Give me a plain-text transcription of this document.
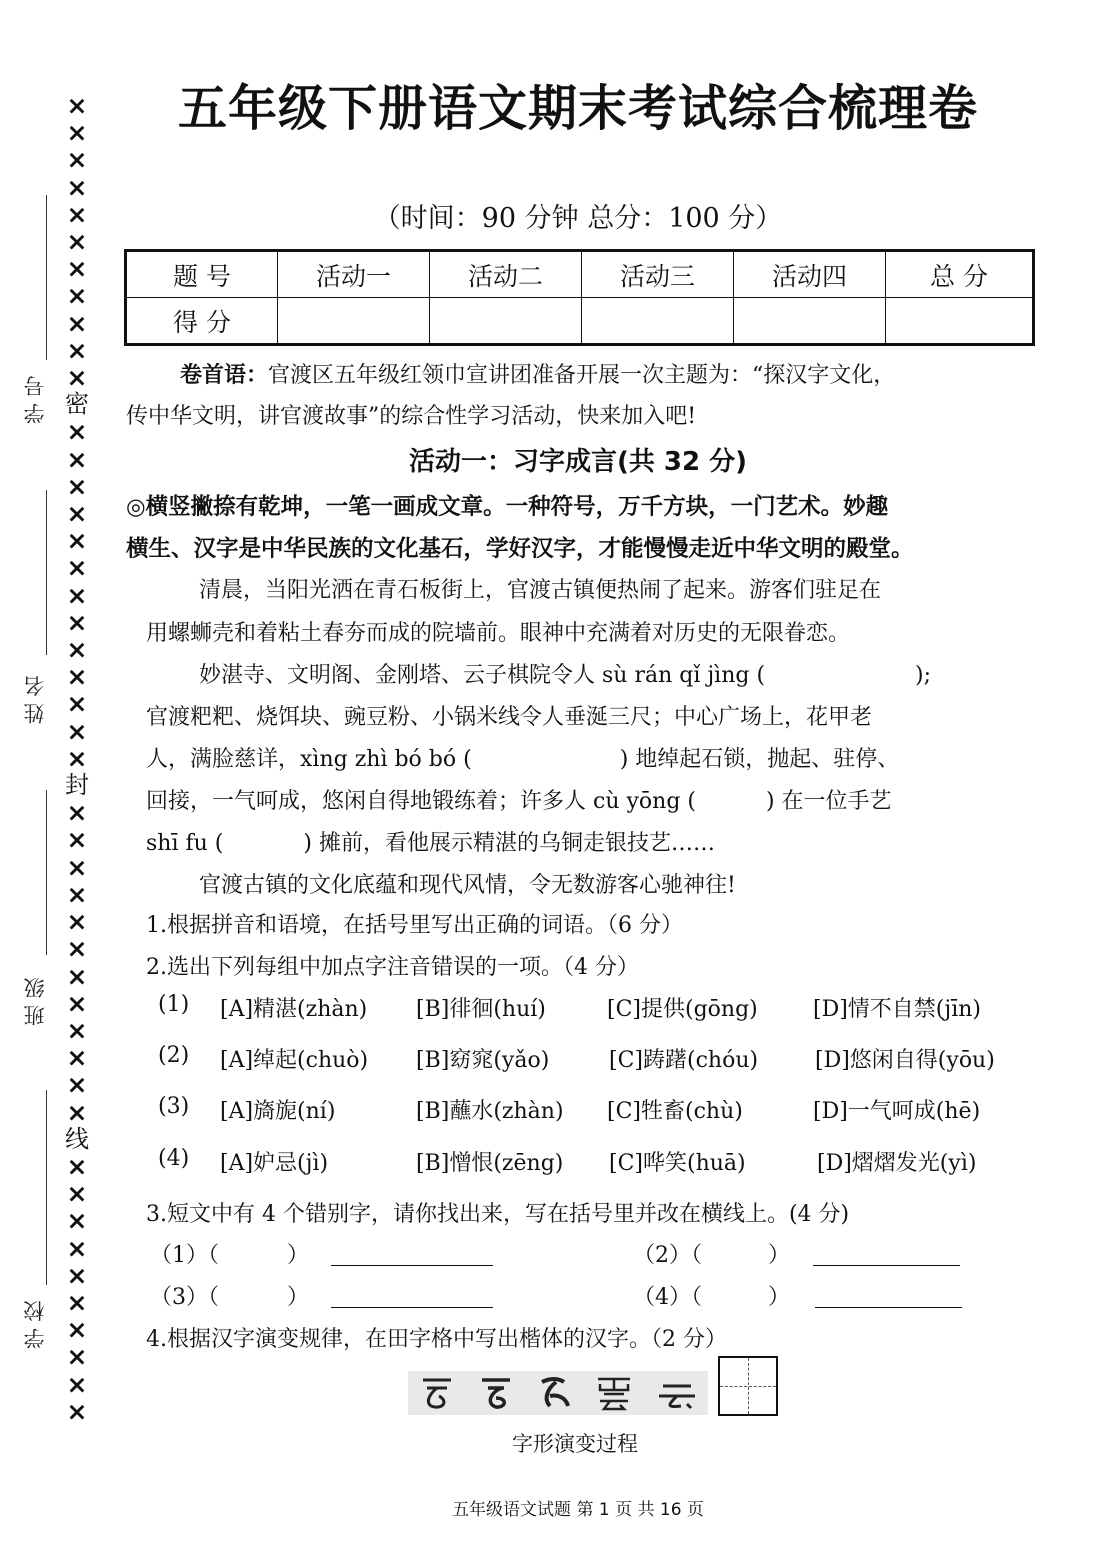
×
×
×
×
×
×
×
×
×
×
×
密
×
×
×
×
×
×
×
×
×
×
×
×
×
封
×
×
×
×
×
×
×
×
×
×
×
×
线
×
×
×
×
×
×
×
×
×
×
学 号
姓 名
班 级
学 校
五年级下册语文期末考试综合梳理卷
（时间：90 分钟 总分：100 分）
题 号	活动一	活动二	活动三	活动四	总 分
得 分					
卷首语：官渡区五年级红领巾宣讲团准备开展一次主题为：“探汉字文化，
传中华文明，讲官渡故事”的综合性学习活动，快来加入吧!
活动一：习字成言(共 32 分)
◎横竖撇捺有乾坤，一笔一画成文章。一种符号，万千方块，一门艺术。妙趣
横生、汉字是中华民族的文化基石，学好汉字，才能慢慢走近中华文明的殿堂。
清晨，当阳光洒在青石板街上，官渡古镇便热闹了起来。游客们驻足在
用螺蛳壳和着粘土春夯而成的院墙前。眼神中充满着对历史的无限眷恋。
妙湛寺、文明阁、金刚塔、云子棋院令人 sù rán qǐ jìng (	);
官渡粑粑、烧饵块、豌豆粉、小锅米线令人垂涎三尺；中心广场上，花甲老
人，满脸慈详，xìng zhì bó bó (	) 地绰起石锁，抛起、驻停、
回接，一气呵成，悠闲自得地锻练着；许多人 cù yōng (	) 在一位手艺
shī fu (	) 摊前，看他展示精湛的乌铜走银技艺……
官渡古镇的文化底蕴和现代风情，令无数游客心驰神往!
1.根据拼音和语境，在括号里写出正确的词语。（6 分）
2.选出下列每组中加点字注音错误的一项。（4 分）
(1) [A]精湛(zhàn) [B]徘徊(huí)	[C]提供(gōng)	[D]情不自禁(jīn)
(2) [A]绰起(chuò) [B]窈窕(yǎo)	[C]踌躇(chóu)	[D]悠闲自得(yōu)
(3) [A]旖旎(ní)	[B]蘸水(zhàn) [C]牲畜(chù)	[D]一气呵成(hē)
(4) [A]妒忌(jì)	[B]憎恨(zēng) [C]哗笑(huā)	[D]熠熠发光(yì)
3.短文中有 4 个错别字，请你找出来，写在括号里并改在横线上。(4 分)
（1）（	）	（2）（	）
（3）（	）	（4）（	）
4.根据汉字演变规律，在田字格中写出楷体的汉字。（2 分）
字形演变过程
五年级语文试题 第 1 页 共 16 页
